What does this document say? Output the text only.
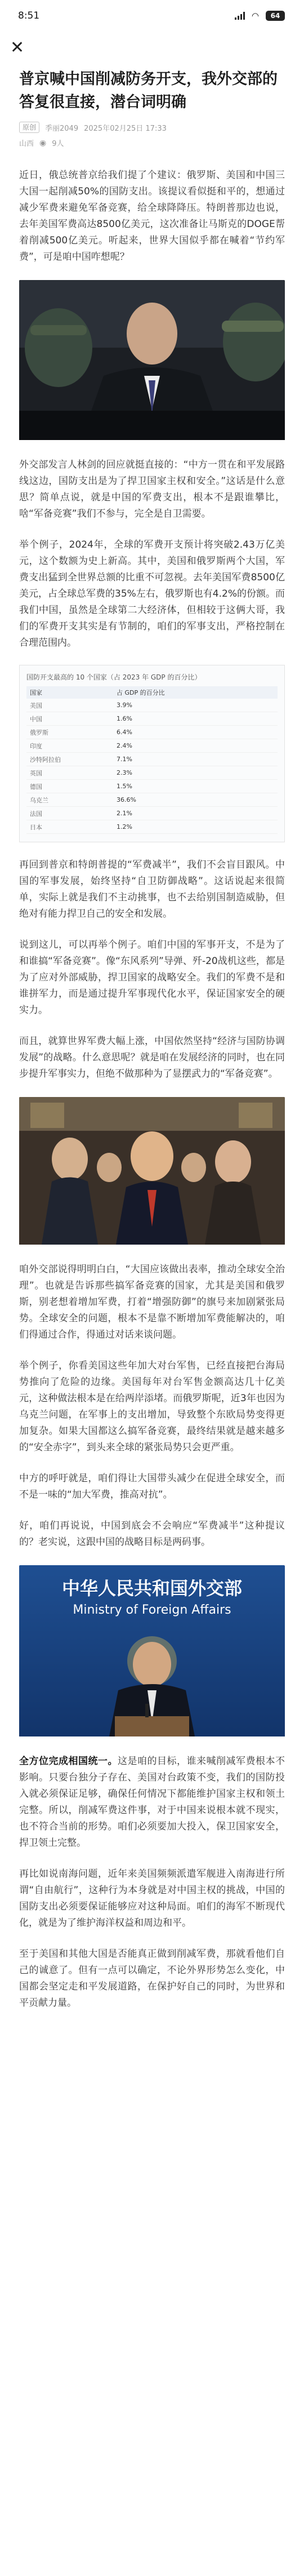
8:51	◠	64
✕
普京喊中国削减防务开支，我外交部的答复很直接，潜台词明确
原创	季丽2049 2025年02月25日 17:33
山西 ◉ 9人

近日，俄总统普京给我们提了个建议：俄罗斯、美国和中国三大国一起削减50%的国防支出。该提议看似挺和平的，想通过减少军费来避免军备竞赛，给全球降降压。特朗普那边也说，去年美国军费高达8500亿美元，这次准备让马斯克的DOGE帮着削减500亿美元。听起来，世界大国似乎都在喊着“节约军费”，可是咱中国咋想呢？

外交部发言人林剑的回应就挺直接的：“中方一贯在和平发展路线这边，国防支出是为了捍卫国家主权和安全。”这话是什么意思？简单点说，就是中国的军费支出，根本不是跟谁攀比，啥“军备竞赛”我们不参与，完全是自卫需要。

举个例子，2024年，全球的军费开支预计将突破2.43万亿美元，这个数额为史上新高。其中，美国和俄罗斯两个大国，军费支出猛到全世界总额的比重不可忽视。去年美国军费8500亿美元，占全球总军费的35%左右，俄罗斯也有4.2%的份额。而我们中国，虽然是全球第二大经济体，但相较于这俩大哥，我们的军费开支其实是有节制的，咱们的军事支出，严格控制在合理范围内。

国防开支最高的 10 个国家（占 2023 年 GDP 的百分比）
国家	占 GDP 的百分比
美国	3.9%
中国	1.6%
俄罗斯	6.4%
印度	2.4%
沙特阿拉伯	7.1%
英国	2.3%
德国	1.5%
乌克兰	36.6%
法国	2.1%
日本	1.2%

再回到普京和特朗普提的“军费减半”，我们不会盲目跟风。中国的军事发展，始终坚持“自卫防御战略”。这话说起来很简单，实际上就是我们不主动挑事，也不去给别国制造威胁，但绝对有能力捍卫自己的安全和发展。

说到这儿，可以再举个例子。咱们中国的军事开支，不是为了和谁搞“军备竞赛”。像“东风系列”导弹、歼-20战机这些，都是为了应对外部威胁，捍卫国家的战略安全。我们的军费不是和谁拼军力，而是通过提升军事现代化水平，保证国家安全的硬实力。

而且，就算世界军费大幅上涨，中国依然坚持“经济与国防协调发展”的战略。什么意思呢？就是咱在发展经济的同时，也在同步提升军事实力，但绝不做那种为了显摆武力的“军备竞赛”。

咱外交部说得明明白白，“大国应该做出表率，推动全球安全治理”。也就是告诉那些搞军备竞赛的国家，尤其是美国和俄罗斯，别老想着增加军费，打着“增强防御”的旗号来加剧紧张局势。全球安全的问题，根本不是靠不断增加军费能解决的，咱们得通过合作，得通过对话来谈问题。

举个例子，你看美国这些年加大对台军售，已经直接把台海局势推向了危险的边缘。美国每年对台军售金额高达几十亿美元，这种做法根本是在给两岸添堵。而俄罗斯呢，近3年也因为乌克兰问题，在军事上的支出增加，导致整个东欧局势变得更加复杂。如果大国都这么搞军备竞赛，最终结果就是越来越多的“安全赤字”，到头来全球的紧张局势只会更严重。

中方的呼吁就是，咱们得让大国带头减少在促进全球安全，而不是一味的“加大军费，推高对抗”。

好，咱们再说说，中国到底会不会响应“军费减半”这种提议的？老实说，这跟中国的战略目标是两码事。

中华人民共和国外交部
Ministry of Foreign Affairs

全方位完成相国统一。这是咱的目标，谁来喊削减军费根本不影响。只要台独分子存在、美国对台政策不变，我们的国防投入就必须保证足够，确保任何情况下都能维护国家主权和领土完整。所以，削减军费这件事，对于中国来说根本就不现实，也不符合当前的形势。咱们必须要加大投入，保卫国家安全，捍卫领土完整。

再比如说南海问题，近年来美国频频派遣军舰进入南海进行所谓“自由航行”，这种行为本身就是对中国主权的挑战，中国的国防支出必须要保证能够应对这种局面。咱们的海军不断现代化，就是为了维护海洋权益和周边和平。

至于美国和其他大国是否能真正做到削减军费，那就看他们自己的诚意了。但有一点可以确定，不论外界形势怎么变化，中国都会坚定走和平发展道路，在保护好自己的同时，为世界和平贡献力量。
